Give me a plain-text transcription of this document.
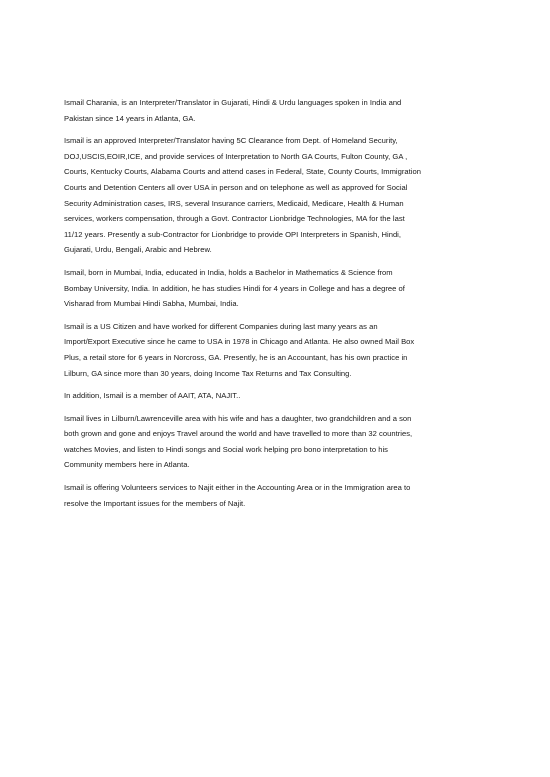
Ismail Charania, is an Interpreter/Translator in Gujarati, Hindi & Urdu languages spoken in India and
Pakistan since 14 years in Atlanta, GA.

Ismail is an approved Interpreter/Translator having 5C Clearance from Dept. of Homeland Security,
DOJ,USCIS,EOIR,ICE, and provide services of Interpretation to North GA Courts, Fulton County, GA ,
Courts, Kentucky Courts, Alabama Courts and attend cases in Federal, State, County Courts, Immigration
Courts and Detention Centers all over USA in person and on telephone as well as approved for Social
Security Administration cases, IRS, several Insurance carriers, Medicaid, Medicare, Health & Human
services, workers compensation, through a Govt. Contractor Lionbridge Technologies, MA for the last
11/12 years. Presently a sub-Contractor for Lionbridge to provide OPI Interpreters in Spanish, Hindi,
Gujarati, Urdu, Bengali, Arabic and Hebrew.

Ismail, born in Mumbai, India, educated in India, holds a Bachelor in Mathematics & Science from
Bombay University, India. In addition, he has studies Hindi for 4 years in College and has a degree of
Visharad from Mumbai Hindi Sabha, Mumbai, India.

Ismail is a US Citizen and have worked for different Companies during last many years as an
Import/Export Executive since he came to USA in 1978 in Chicago and Atlanta. He also owned Mail Box
Plus, a retail store for 6 years in Norcross, GA. Presently, he is an Accountant, has his own practice in
Lilburn, GA since more than 30 years, doing Income Tax Returns and Tax Consulting.

In addition, Ismail is a member of AAIT, ATA, NAJIT..

Ismail lives in Lilburn/Lawrenceville area with his wife and has a daughter, two grandchildren and a son
both grown and gone and enjoys Travel around the world and have travelled to more than 32 countries,
watches Movies, and listen to Hindi songs and Social work helping pro bono interpretation to his
Community members here in Atlanta.

Ismail is offering Volunteers services to Najit either in the Accounting Area or in the Immigration area to
resolve the Important issues for the members of Najit.
